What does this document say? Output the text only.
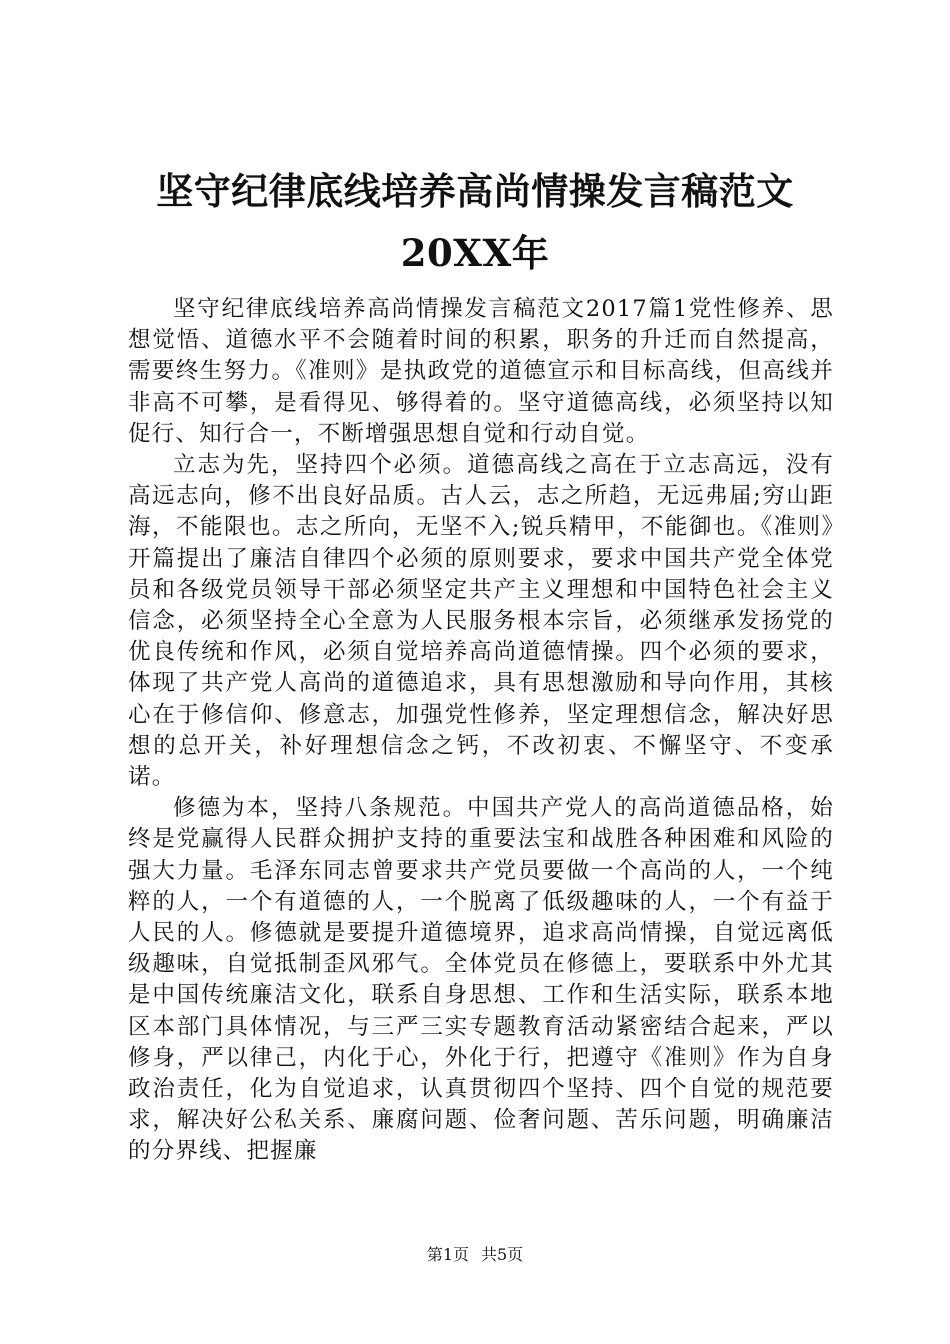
坚守纪律底线培养高尚情操发言稿范文20XX年

坚守纪律底线培养高尚情操发言稿范文2017篇1党性修养、思想觉悟、道德水平不会随着时间的积累，职务的升迁而自然提高，需要终生努力。《准则》是执政党的道德宣示和目标高线，但高线并非高不可攀，是看得见、够得着的。坚守道德高线，必须坚持以知促行、知行合一，不断增强思想自觉和行动自觉。

立志为先，坚持四个必须。道德高线之高在于立志高远，没有高远志向，修不出良好品质。古人云，志之所趋，无远弗届;穷山距海，不能限也。志之所向，无坚不入;锐兵精甲，不能御也。《准则》开篇提出了廉洁自律四个必须的原则要求，要求中国共产党全体党员和各级党员领导干部必须坚定共产主义理想和中国特色社会主义信念，必须坚持全心全意为人民服务根本宗旨，必须继承发扬党的优良传统和作风，必须自觉培养高尚道德情操。四个必须的要求，体现了共产党人高尚的道德追求，具有思想激励和导向作用，其核心在于修信仰、修意志，加强党性修养，坚定理想信念，解决好思想的总开关，补好理想信念之钙，不改初衷、不懈坚守、不变承诺。

修德为本，坚持八条规范。中国共产党人的高尚道德品格，始终是党赢得人民群众拥护支持的重要法宝和战胜各种困难和风险的强大力量。毛泽东同志曾要求共产党员要做一个高尚的人，一个纯粹的人，一个有道德的人，一个脱离了低级趣味的人，一个有益于人民的人。修德就是要提升道德境界，追求高尚情操，自觉远离低级趣味，自觉抵制歪风邪气。全体党员在修德上，要联系中外尤其是中国传统廉洁文化，联系自身思想、工作和生活实际，联系本地区本部门具体情况，与三严三实专题教育活动紧密结合起来，严以修身，严以律己，内化于心，外化于行，把遵守《准则》作为自身政治责任，化为自觉追求，认真贯彻四个坚持、四个自觉的规范要求，解决好公私关系、廉腐问题、俭奢问题、苦乐问题，明确廉洁的分界线、把握廉

第1页 共5页
